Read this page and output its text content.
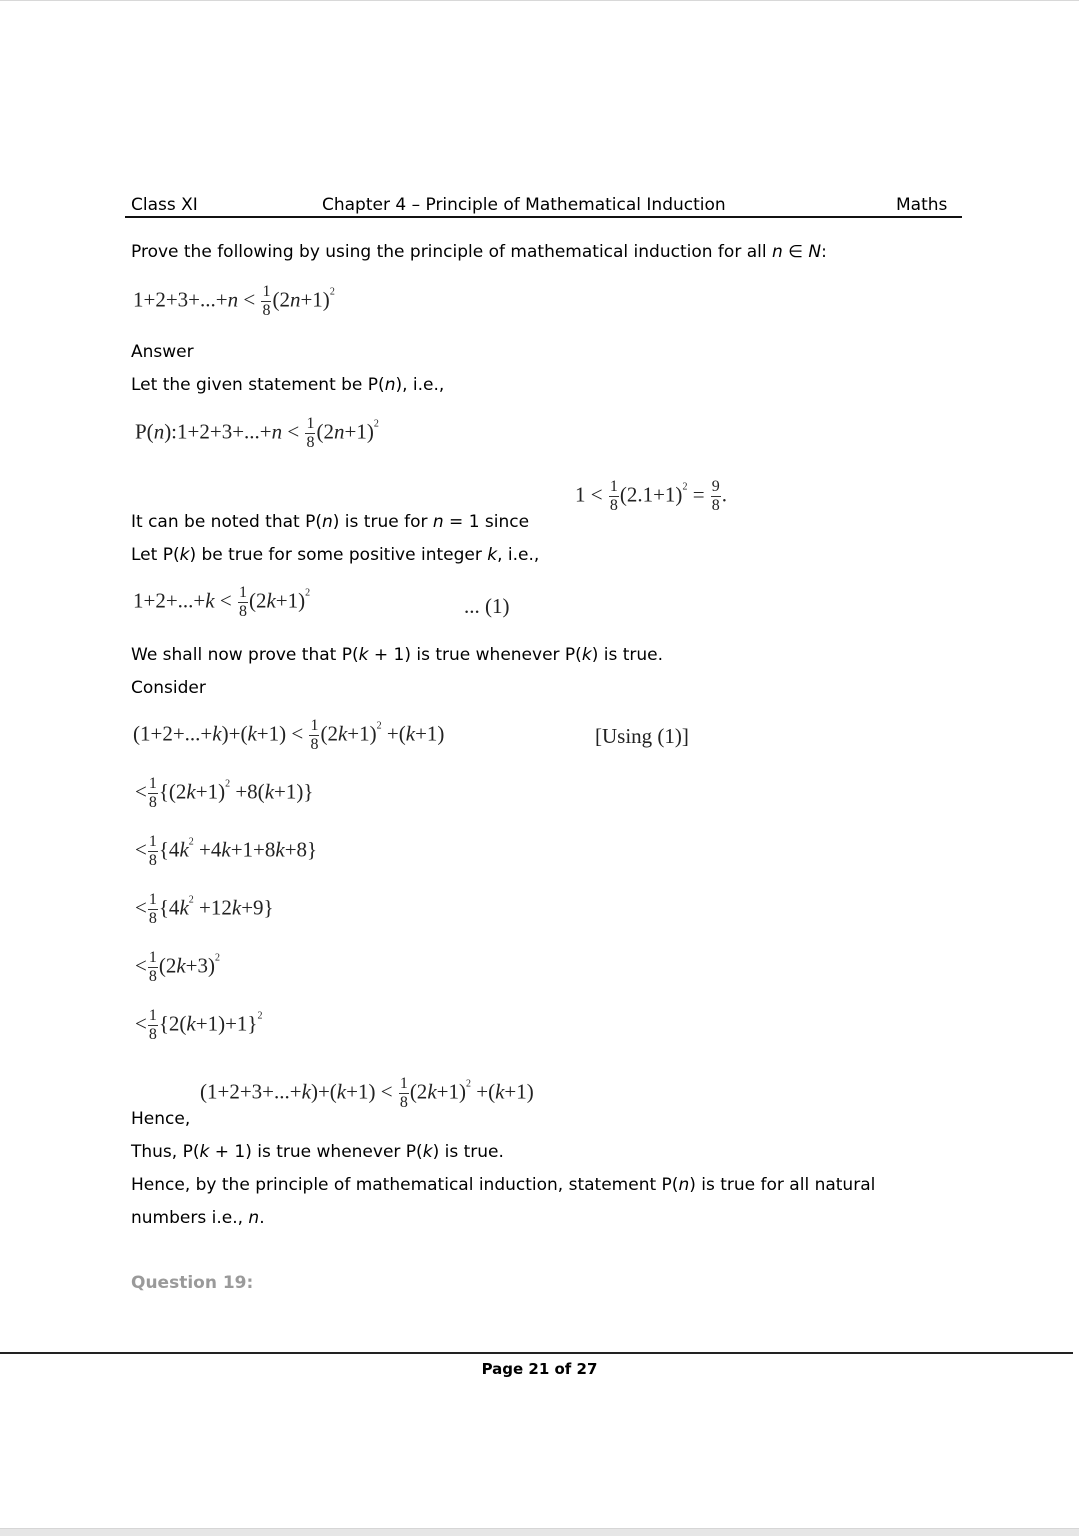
Class XI	Chapter 4 – Principle of Mathematical Induction	Maths
Prove the following by using the principle of mathematical induction for all n ∈ N:
$1+2+3+...+n < \frac{1}{8} (2n+1)^2$
Answer
Let the given statement be P(n), i.e.,
P(n):1+2+3+...+n < $\frac{1}{8} (2n+1)^2$
It can be noted that P(n) is true for n = 1 since
$1 < \frac{1}{8} (2.1+1)^2 = \frac{9}{8}$ .
Let P(k) be true for some positive integer k, i.e.,
$1+2+...+k < \frac{1}{8} (2k+1)^2$
... (1)
We shall now prove that P(k + 1) is true whenever P(k) is true.
Consider
$(1+2+...+k)+(k+1) < \frac{1}{8} (2k+1)^2 +(k+1)$	[Using (1)]
< $\frac{1}{8} \{(2k+1)^2 +8(k+1)\}$
< $\frac{1}{8} \{4k^2 +4k+1+8k+8\}$
< $\frac{1}{8} \{4k^2 +12k+9\}$
< $\frac{1}{8} (2k+3)^2$
< $\frac{1}{8} \{2(k+1)+1\}^2$
Hence,
$(1+2+3+...+k)+(k+1) < \frac{1}{8} (2k+1)^2 +(k+1)$
Thus, P(k + 1) is true whenever P(k) is true.
Hence, by the principle of mathematical induction, statement P(n) is true for all natural
numbers i.e., n.
Question 19:
Page 21 of 27
